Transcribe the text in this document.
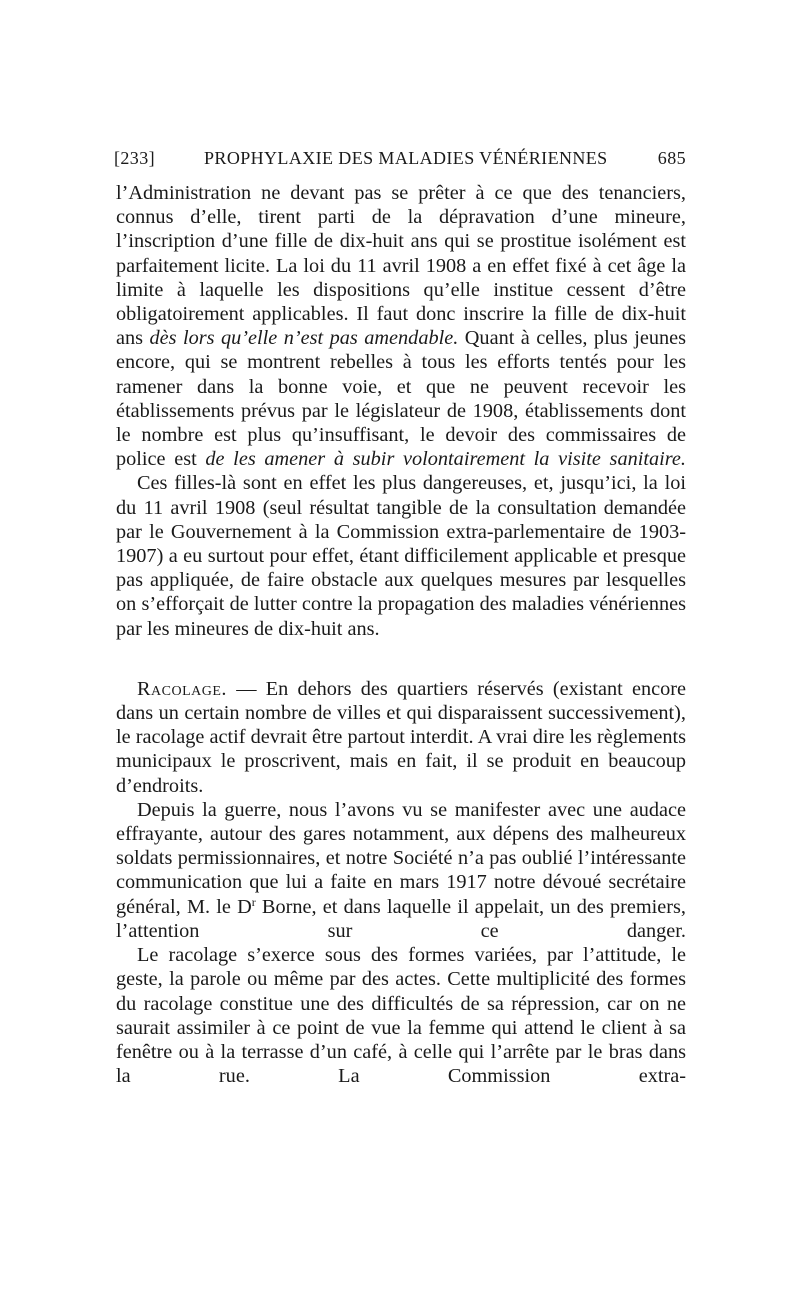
[233]	PROPHYLAXIE DES MALADIES VÉNÉRIENNES	685

l’Administration ne devant pas se prêter à ce que des tenanciers, connus d’elle, tirent parti de la dépravation d’une mineure, l’inscription d’une fille de dix-huit ans qui se prostitue isolément est parfaitement licite. La loi du 11 avril 1908 a en effet fixé à cet âge la limite à laquelle les dispositions qu’elle institue cessent d’être obligatoirement applicables. Il faut donc inscrire la fille de dix-huit ans dès lors qu’elle n’est pas amendable. Quant à celles, plus jeunes encore, qui se montrent rebelles à tous les efforts tentés pour les ramener dans la bonne voie, et que ne peuvent recevoir les établissements prévus par le législateur de 1908, établissements dont le nombre est plus qu’insuffisant, le devoir des commissaires de police est de les amener à subir volontairement la visite sanitaire.

Ces filles-là sont en effet les plus dangereuses, et, jusqu’ici, la loi du 11 avril 1908 (seul résultat tangible de la consultation demandée par le Gouvernement à la Commission extra-parlementaire de 1903-1907) a eu surtout pour effet, étant difficilement applicable et presque pas appliquée, de faire obstacle aux quelques mesures par lesquelles on s’efforçait de lutter contre la propagation des maladies vénériennes par les mineures de dix-huit ans.

Racolage. — En dehors des quartiers réservés (existant encore dans un certain nombre de villes et qui disparaissent successivement), le racolage actif devrait être partout interdit. A vrai dire les règlements municipaux le proscrivent, mais en fait, il se produit en beaucoup d’endroits.

Depuis la guerre, nous l’avons vu se manifester avec une audace effrayante, autour des gares notamment, aux dépens des malheureux soldats permissionnaires, et notre Société n’a pas oublié l’intéressante communication que lui a faite en mars 1917 notre dévoué secrétaire général, M. le $D^r$ Borne, et dans laquelle il appelait, un des premiers, l’attention sur ce danger.

Le racolage s’exerce sous des formes variées, par l’attitude, le geste, la parole ou même par des actes. Cette multiplicité des formes du racolage constitue une des difficultés de sa répression, car on ne saurait assimiler à ce point de vue la femme qui attend le client à sa fenêtre ou à la terrasse d’un café, à celle qui l’arrête par le bras dans la rue. La Commission extra-
